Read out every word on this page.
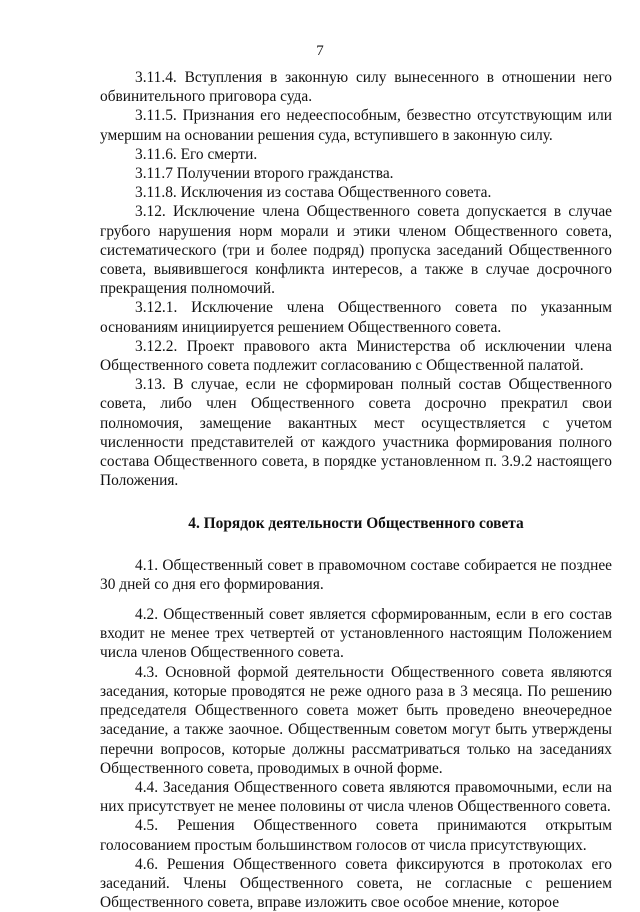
7

3.11.4. Вступления в законную силу вынесенного в отношении него обвинительного приговора суда.

3.11.5. Признания его недееспособным, безвестно отсутствующим или умершим на основании решения суда, вступившего в законную силу.

3.11.6. Его смерти.

3.11.7 Получении второго гражданства.

3.11.8. Исключения из состава Общественного совета.

3.12. Исключение члена Общественного совета допускается в случае грубого нарушения норм морали и этики членом Общественного совета, систематического (три и более подряд) пропуска заседаний Общественного совета, выявившегося конфликта интересов, а также в случае досрочного прекращения полномочий.

3.12.1. Исключение члена Общественного совета по указанным основаниям инициируется решением Общественного совета.

3.12.2. Проект правового акта Министерства об исключении члена Общественного совета подлежит согласованию с Общественной палатой.

3.13. В случае, если не сформирован полный состав Общественного совета, либо член Общественного совета досрочно прекратил свои полномочия, замещение вакантных мест осуществляется с учетом численности представителей от каждого участника формирования полного состава Общественного совета, в порядке установленном п. 3.9.2 настоящего Положения.

4. Порядок деятельности Общественного совета

4.1. Общественный совет в правомочном составе собирается не позднее 30 дней со дня его формирования.

4.2. Общественный совет является сформированным, если в его состав входит не менее трех четвертей от установленного настоящим Положением числа членов Общественного совета.

4.3. Основной формой деятельности Общественного совета являются заседания, которые проводятся не реже одного раза в 3 месяца. По решению председателя Общественного совета может быть проведено внеочередное заседание, а также заочное. Общественным советом могут быть утверждены перечни вопросов, которые должны рассматриваться только на заседаниях Общественного совета, проводимых в очной форме.

4.4. Заседания Общественного совета являются правомочными, если на них присутствует не менее половины от числа членов Общественного совета.

4.5. Решения Общественного совета принимаются открытым голосованием простым большинством голосов от числа присутствующих.

4.6. Решения Общественного совета фиксируются в протоколах его заседаний. Члены Общественного совета, не согласные с решением Общественного совета, вправе изложить свое особое мнение, которое
